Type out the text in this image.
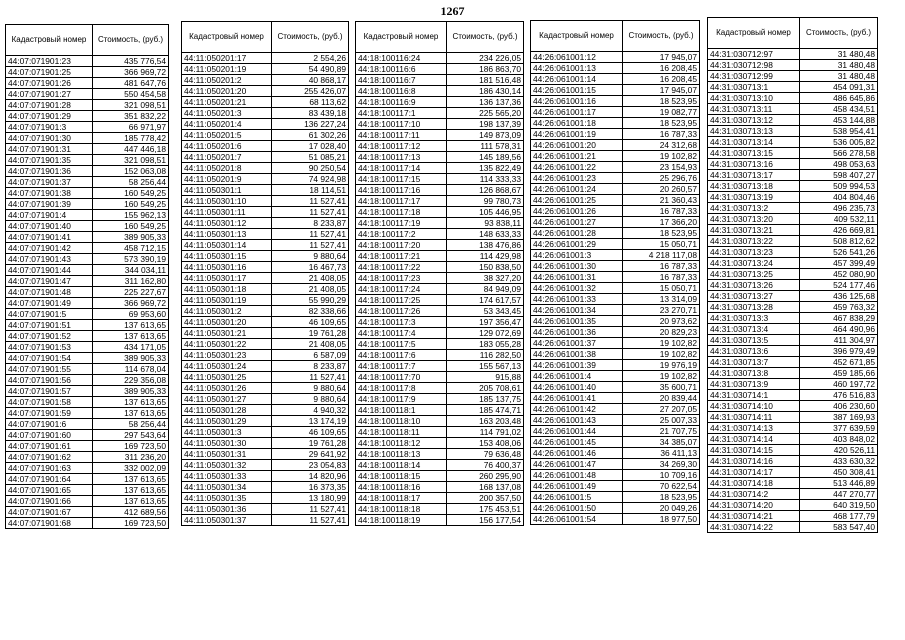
1267
Кадастровый номер	Стоимость, (руб.)
44:07:071901:23	435 776,54
44:07:071901:25	366 969,72
44:07:071901:26	481 647,76
44:07:071901:27	550 454,58
44:07:071901:28	321 098,51
44:07:071901:29	351 832,22
44:07:071901:3	66 971,97
44:07:071901:30	185 778,42
44:07:071901:31	447 446,18
44:07:071901:35	321 098,51
44:07:071901:36	152 063,08
44:07:071901:37	58 256,44
44:07:071901:38	160 549,25
44:07:071901:39	160 549,25
44:07:071901:4	155 962,13
44:07:071901:40	160 549,25
44:07:071901:41	389 905,33
44:07:071901:42	458 712,15
44:07:071901:43	573 390,19
44:07:071901:44	344 034,11
44:07:071901:47	311 162,80
44:07:071901:48	225 227,67
44:07:071901:49	366 969,72
44:07:071901:5	69 953,60
44:07:071901:51	137 613,65
44:07:071901:52	137 613,65
44:07:071901:53	434 171,05
44:07:071901:54	389 905,33
44:07:071901:55	114 678,04
44:07:071901:56	229 356,08
44:07:071901:57	389 905,33
44:07:071901:58	137 613,65
44:07:071901:59	137 613,65
44:07:071901:6	58 256,44
44:07:071901:60	297 543,64
44:07:071901:61	169 723,50
44:07:071901:62	311 236,20
44:07:071901:63	332 002,09
44:07:071901:64	137 613,65
44:07:071901:65	137 613,65
44:07:071901:66	137 613,65
44:07:071901:67	412 689,56
44:07:071901:68	169 723,50

Кадастровый номер	Стоимость, (руб.)
44:11:050201:17	2 554,26
44:11:050201:19	54 490,89
44:11:050201:2	40 868,17
44:11:050201:20	255 426,07
44:11:050201:21	68 113,62
44:11:050201:3	83 439,18
44:11:050201:4	136 227,24
44:11:050201:5	61 302,26
44:11:050201:6	17 028,40
44:11:050201:7	51 085,21
44:11:050201:8	90 250,54
44:11:050201:9	74 924,98
44:11:050301:1	18 114,51
44:11:050301:10	11 527,41
44:11:050301:11	11 527,41
44:11:050301:12	8 233,87
44:11:050301:13	11 527,41
44:11:050301:14	11 527,41
44:11:050301:15	9 880,64
44:11:050301:16	16 467,73
44:11:050301:17	21 408,05
44:11:050301:18	21 408,05
44:11:050301:19	55 990,29
44:11:050301:2	82 338,66
44:11:050301:20	46 109,65
44:11:050301:21	19 761,28
44:11:050301:22	21 408,05
44:11:050301:23	6 587,09
44:11:050301:24	8 233,87
44:11:050301:25	11 527,41
44:11:050301:26	9 880,64
44:11:050301:27	9 880,64
44:11:050301:28	4 940,32
44:11:050301:29	13 174,19
44:11:050301:3	46 109,65
44:11:050301:30	19 761,28
44:11:050301:31	29 641,92
44:11:050301:32	23 054,83
44:11:050301:33	14 820,96
44:11:050301:34	16 373,35
44:11:050301:35	13 180,99
44:11:050301:36	11 527,41
44:11:050301:37	11 527,41

Кадастровый номер	Стоимость, (руб.)
44:18:100116:24	234 226,05
44:18:100116:6	186 863,70
44:18:100116:7	181 516,48
44:18:100116:8	186 430,14
44:18:100116:9	136 137,36
44:18:100117:1	225 565,20
44:18:100117:10	198 137,39
44:18:100117:11	149 873,09
44:18:100117:12	111 578,31
44:18:100117:13	145 189,56
44:18:100117:14	135 822,49
44:18:100117:15	114 333,33
44:18:100117:16	126 868,67
44:18:100117:17	99 780,73
44:18:100117:18	105 446,95
44:18:100117:19	93 838,11
44:18:100117:2	148 633,33
44:18:100117:20	138 476,86
44:18:100117:21	114 429,98
44:18:100117:22	150 838,50
44:18:100117:23	38 327,20
44:18:100117:24	84 949,09
44:18:100117:25	174 617,57
44:18:100117:26	53 343,45
44:18:100117:3	197 356,47
44:18:100117:4	129 072,69
44:18:100117:5	183 055,28
44:18:100117:6	116 282,50
44:18:100117:7	155 567,13
44:18:100117:70	915,88
44:18:100117:8	205 708,61
44:18:100117:9	185 137,75
44:18:100118:1	185 474,71
44:18:100118:10	163 203,48
44:18:100118:11	114 791,02
44:18:100118:12	153 408,06
44:18:100118:13	79 636,48
44:18:100118:14	76 400,37
44:18:100118:15	260 295,90
44:18:100118:16	168 137,08
44:18:100118:17	200 357,50
44:18:100118:18	175 453,51
44:18:100118:19	156 177,54

Кадастровый номер	Стоимость, (руб.)
44:26:061001:12	17 945,07
44:26:061001:13	16 208,45
44:26:061001:14	16 208,45
44:26:061001:15	17 945,07
44:26:061001:16	18 523,95
44:26:061001:17	19 082,77
44:26:061001:18	18 523,95
44:26:061001:19	16 787,33
44:26:061001:20	24 312,68
44:26:061001:21	19 102,82
44:26:061001:22	23 154,93
44:26:061001:23	25 296,76
44:26:061001:24	20 260,57
44:26:061001:25	21 360,43
44:26:061001:26	16 787,33
44:26:061001:27	17 366,20
44:26:061001:28	18 523,95
44:26:061001:29	15 050,71
44:26:061001:3	4 218 117,08
44:26:061001:30	16 787,33
44:26:061001:31	16 787,33
44:26:061001:32	15 050,71
44:26:061001:33	13 314,09
44:26:061001:34	23 270,71
44:26:061001:35	20 973,62
44:26:061001:36	20 829,23
44:26:061001:37	19 102,82
44:26:061001:38	19 102,82
44:26:061001:39	19 976,19
44:26:061001:4	19 102,82
44:26:061001:40	35 600,71
44:26:061001:41	20 839,44
44:26:061001:42	27 207,05
44:26:061001:43	25 007,33
44:26:061001:44	21 707,75
44:26:061001:45	34 385,07
44:26:061001:46	36 411,13
44:26:061001:47	34 269,30
44:26:061001:48	10 709,16
44:26:061001:49	70 622,54
44:26:061001:5	18 523,95
44:26:061001:50	20 049,26
44:26:061001:54	18 977,50

Кадастровый номер	Стоимость, (руб.)
44:31:030712:97	31 480,48
44:31:030712:98	31 480,48
44:31:030712:99	31 480,48
44:31:030713:1	454 091,31
44:31:030713:10	486 645,86
44:31:030713:11	458 434,51
44:31:030713:12	453 144,88
44:31:030713:13	538 954,41
44:31:030713:14	536 005,82
44:31:030713:15	566 278,58
44:31:030713:16	498 053,63
44:31:030713:17	598 407,27
44:31:030713:18	509 994,53
44:31:030713:19	404 804,46
44:31:030713:2	496 235,73
44:31:030713:20	409 532,11
44:31:030713:21	426 669,81
44:31:030713:22	508 812,62
44:31:030713:23	526 541,26
44:31:030713:24	457 399,49
44:31:030713:25	452 080,90
44:31:030713:26	524 177,46
44:31:030713:27	436 125,68
44:31:030713:28	459 763,32
44:31:030713:3	467 838,29
44:31:030713:4	464 490,96
44:31:030713:5	411 304,97
44:31:030713:6	396 979,49
44:31:030713:7	452 671,85
44:31:030713:8	459 185,66
44:31:030713:9	460 197,72
44:31:030714:1	476 516,83
44:31:030714:10	406 230,60
44:31:030714:11	387 169,93
44:31:030714:13	377 639,59
44:31:030714:14	403 848,02
44:31:030714:15	420 526,11
44:31:030714:16	433 630,32
44:31:030714:17	450 308,41
44:31:030714:18	513 446,89
44:31:030714:2	447 270,77
44:31:030714:20	640 319,50
44:31:030714:21	468 177,79
44:31:030714:22	583 547,40
